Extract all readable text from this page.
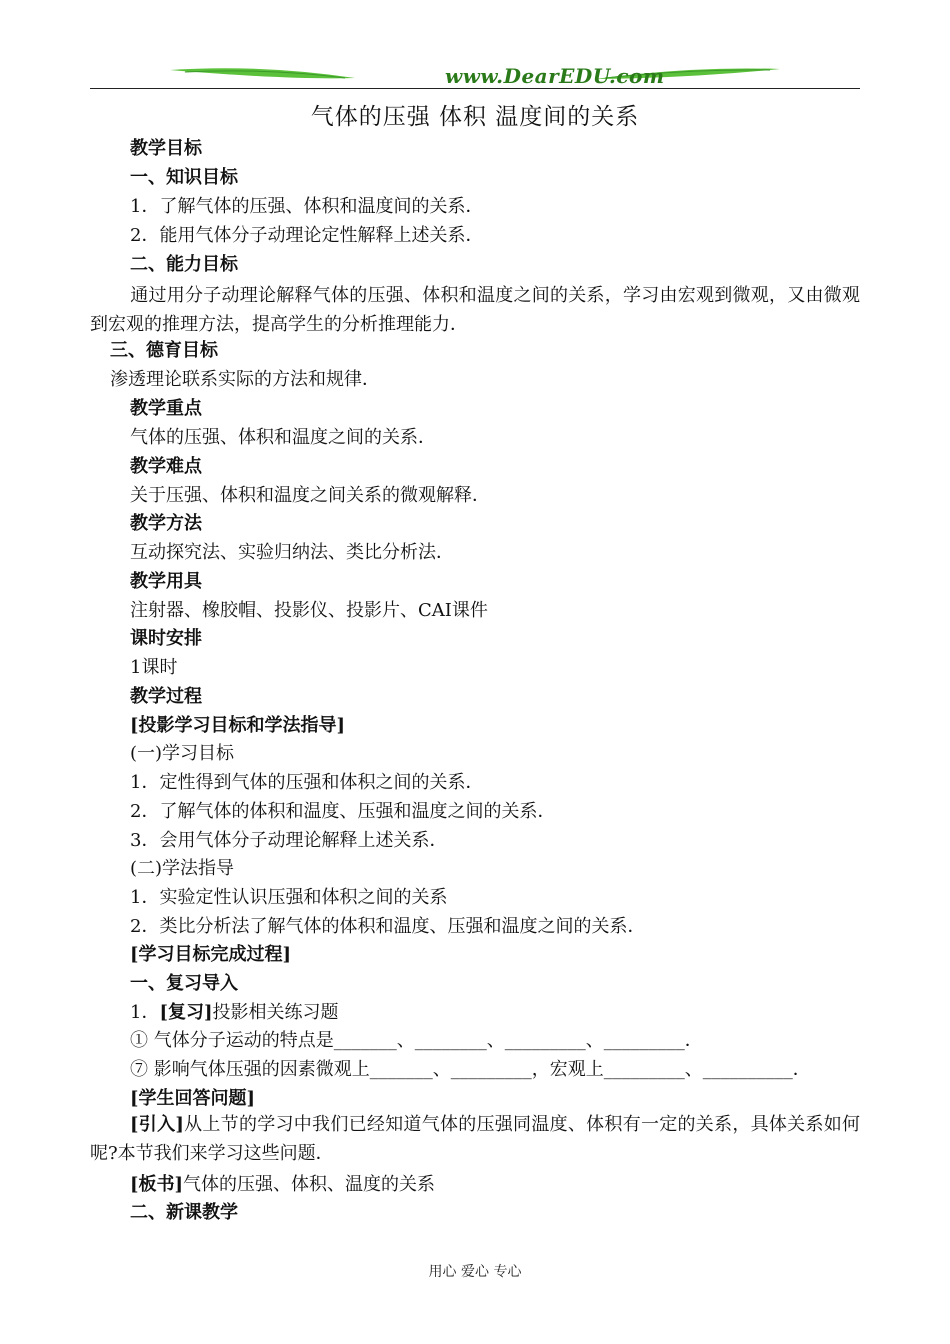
www.DearEDU.com
气体的压强 体积 温度间的关系
教学目标
一、知识目标
1．了解气体的压强、体积和温度间的关系．
2．能用气体分子动理论定性解释上述关系．
二、能力目标
三、德育目标
渗透理论联系实际的方法和规律．
教学重点
气体的压强、体积和温度之间的关系．
教学难点
关于压强、体积和温度之间关系的微观解释．
教学方法
互动探究法、实验归纳法、类比分析法．
教学用具
注射器、橡胶帽、投影仪、投影片、CAI课件
课时安排
1课时
教学过程
[投影学习目标和学法指导]
(一)学习目标
1．定性得到气体的压强和体积之间的关系．
2．了解气体的体积和温度、压强和温度之间的关系．
3．会用气体分子动理论解释上述关系．
(二)学法指导
1．实验定性认识压强和体积之间的关系
2．类比分析法了解气体的体积和温度、压强和温度之间的关系．
[学习目标完成过程]
一、复习导入
① 气体分子运动的特点是_______、________、_________、_________．
⑦ 影响气体压强的因素微观上_______、_________，宏观上_________、__________．
[学生回答问题]
二、新课教学
1．[复习]投影相关练习题
[板书]气体的压强、体积、温度的关系
通过用分子动理论解释气体的压强、体积和温度之间的关系，学习由宏观到微观，又由微观到宏观的推理方法，提高学生的分析推理能力．
[引入]从上节的学习中我们已经知道气体的压强同温度、体积有一定的关系，具体关系如何呢?本节我们来学习这些问题．
用心 爱心 专心
